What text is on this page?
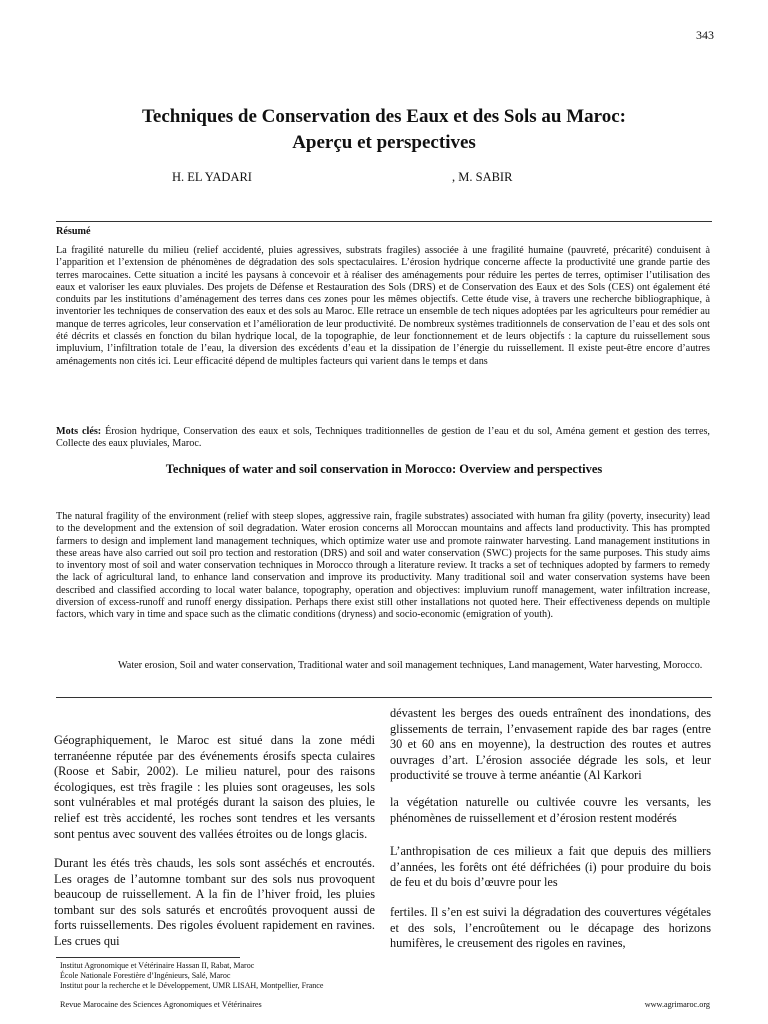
343
Techniques de Conservation des Eaux et des Sols au Maroc:
Aperçu et perspectives
H. EL YADARI	, M. SABIR
Résumé
La fragilité naturelle du milieu (relief accidenté, pluies agressives, substrats fragiles) associée à une fragilité humaine (pauvreté, précarité) conduisent à l’apparition et l’extension de phénomènes de dégradation des sols spectaculaires. L’érosion hydrique concerne affecte la productivité une grande partie des terres marocaines. Cette situation a incité les paysans à concevoir et à réaliser des aménagements pour réduire les pertes de terres, optimiser l’utilisation des eaux et valoriser les eaux pluviales. Des projets de Défense et Restauration des Sols (DRS) et de Conservation des Eaux et des Sols (CES) ont également été conduits par les institutions d’aménagement des terres dans ces zones pour les mêmes objectifs. Cette étude vise, à travers une recherche bibliographique, à inventorier les techniques de conservation des eaux et des sols au Maroc. Elle retrace un ensemble de tech niques adoptées par les agriculteurs pour remédier au manque de terres agricoles, leur conservation et l’amélioration de leur productivité. De nombreux systèmes traditionnels de conservation de l’eau et des sols ont été décrits et classés en fonction du bilan hydrique local, de la topographie, de leur fonctionnement et de leurs objectifs : la capture du ruissellement sous impluvium, l’infiltration totale de l’eau, la diversion des excédents d’eau et la dissipation de l’énergie du ruissellement. Il existe peut-être encore d’autres aménagements non cités ici. Leur efficacité dépend de multiples facteurs qui varient dans le temps et dans
Mots clés: Érosion hydrique, Conservation des eaux et sols, Techniques traditionnelles de gestion de l’eau et du sol, Aména gement et gestion des terres, Collecte des eaux pluviales, Maroc.
Techniques of water and soil conservation in Morocco: Overview and perspectives
The natural fragility of the environment (relief with steep slopes, aggressive rain, fragile substrates) associated with human fra gility (poverty, insecurity) lead to the development and the extension of soil degradation. Water erosion concerns all Moroccan mountains and affects land productivity. This has prompted farmers to design and implement land management techniques, which optimize water use and promote rainwater harvesting. Land management institutions in these areas have also carried out soil pro tection and restoration (DRS) and soil and water conservation (SWC) projects for the same purposes. This study aims to inventory most of soil and water conservation techniques in Morocco through a literature review. It tracks a set of techniques adopted by farmers to remedy the lack of agricultural land, to enhance land conservation and improve its productivity. Many traditional soil and water conservation systems have been described and classified according to local water balance, topography, operation and objectives: impluvium runoff management, water infiltration increase, diversion of excess-runoff and runoff energy dissipation. Perhaps there exist still other installations not quoted here. Their effectiveness depends on multiple factors, which vary in time and space such as the climatic conditions (dryness) and socio-economic (emigration of youth).
Water erosion, Soil and water conservation, Traditional water and soil management techniques, Land management, Water harvesting, Morocco.
Géographiquement, le Maroc est situé dans la zone médi terranéenne réputée par des événements érosifs specta culaires (Roose et Sabir, 2002). Le milieu naturel, pour des raisons écologiques, est très fragile : les pluies sont orageuses, les sols sont vulnérables et mal protégés durant la saison des pluies, le relief est très accidenté, les roches sont tendres et les versants sont pentus avec souvent des vallées étroites ou de longs glacis.
Durant les étés très chauds, les sols sont asséchés et encroutés. Les orages de l’automne tombant sur des sols nus provoquent beaucoup de ruissellement. A la fin de l’hiver froid, les pluies tombant sur des sols saturés et encroûtés provoquent aussi de forts ruissellements. Des rigoles évoluent rapidement en ravines. Les crues qui
dévastent les berges des oueds entraînent des inondations, des glissements de terrain, l’envasement rapide des bar rages (entre 30 et 60 ans en moyenne), la destruction des routes et autres ouvrages d’art. L’érosion associée dégrade les sols, et leur productivité se trouve à terme anéantie (Al Karkori
la végétation naturelle ou cultivée couvre les versants, les phénomènes de ruissellement et d’érosion restent modérés
L’anthropisation de ces milieux a fait que depuis des milliers d’années, les forêts ont été défrichées (i) pour produire du bois de feu et du bois d’œuvre pour les
fertiles. Il s’en est suivi la dégradation des couvertures végétales et des sols, l’encroûtement ou le décapage des horizons humifères, le creusement des rigoles en ravines,
Institut Agronomique et Vétérinaire Hassan II, Rabat, Maroc
École Nationale Forestière d’Ingénieurs, Salé, Maroc
Institut pour la recherche et le Développement, UMR LISAH, Montpellier, France
Revue Marocaine des Sciences Agronomiques et Vétérinaires	www.agrimaroc.org
